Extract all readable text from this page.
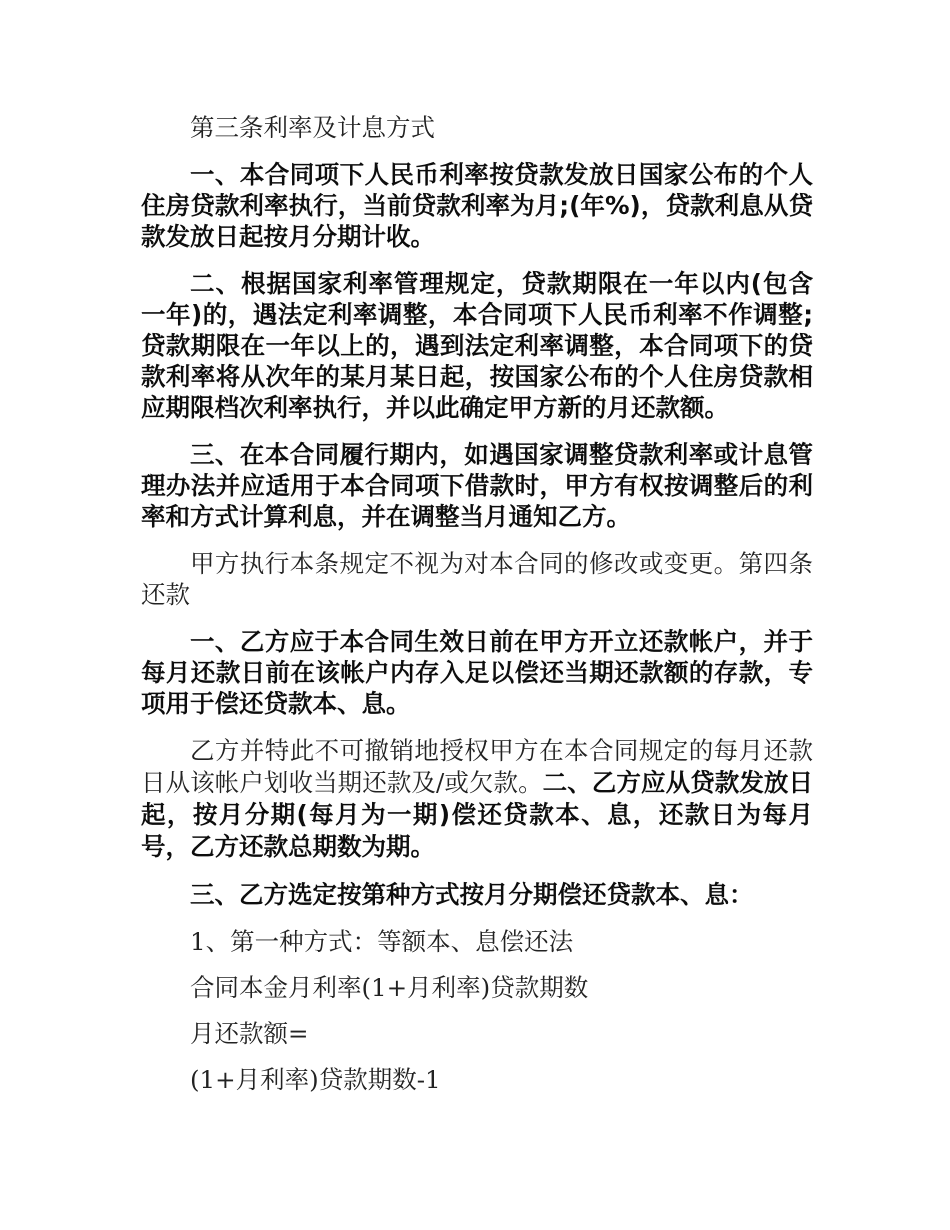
第三条利率及计息方式

一、本合同项下人民币利率按贷款发放日国家公布的个人住房贷款利率执行，当前贷款利率为月;(年%)，贷款利息从贷款发放日起按月分期计收。

二、根据国家利率管理规定，贷款期限在一年以内(包含一年)的，遇法定利率调整，本合同项下人民币利率不作调整;贷款期限在一年以上的，遇到法定利率调整，本合同项下的贷款利率将从次年的某月某日起，按国家公布的个人住房贷款相应期限档次利率执行，并以此确定甲方新的月还款额。

三、在本合同履行期内，如遇国家调整贷款利率或计息管理办法并应适用于本合同项下借款时，甲方有权按调整后的利率和方式计算利息，并在调整当月通知乙方。

甲方执行本条规定不视为对本合同的修改或变更。第四条还款

一、乙方应于本合同生效日前在甲方开立还款帐户，并于每月还款日前在该帐户内存入足以偿还当期还款额的存款，专项用于偿还贷款本、息。

乙方并特此不可撤销地授权甲方在本合同规定的每月还款日从该帐户划收当期还款及/或欠款。二、乙方应从贷款发放日起，按月分期(每月为一期)偿还贷款本、息，还款日为每月号，乙方还款总期数为期。

三、乙方选定按第种方式按月分期偿还贷款本、息：

1、第一种方式：等额本、息偿还法

合同本金月利率(1+月利率)贷款期数

月还款额=

(1+月利率)贷款期数-1
